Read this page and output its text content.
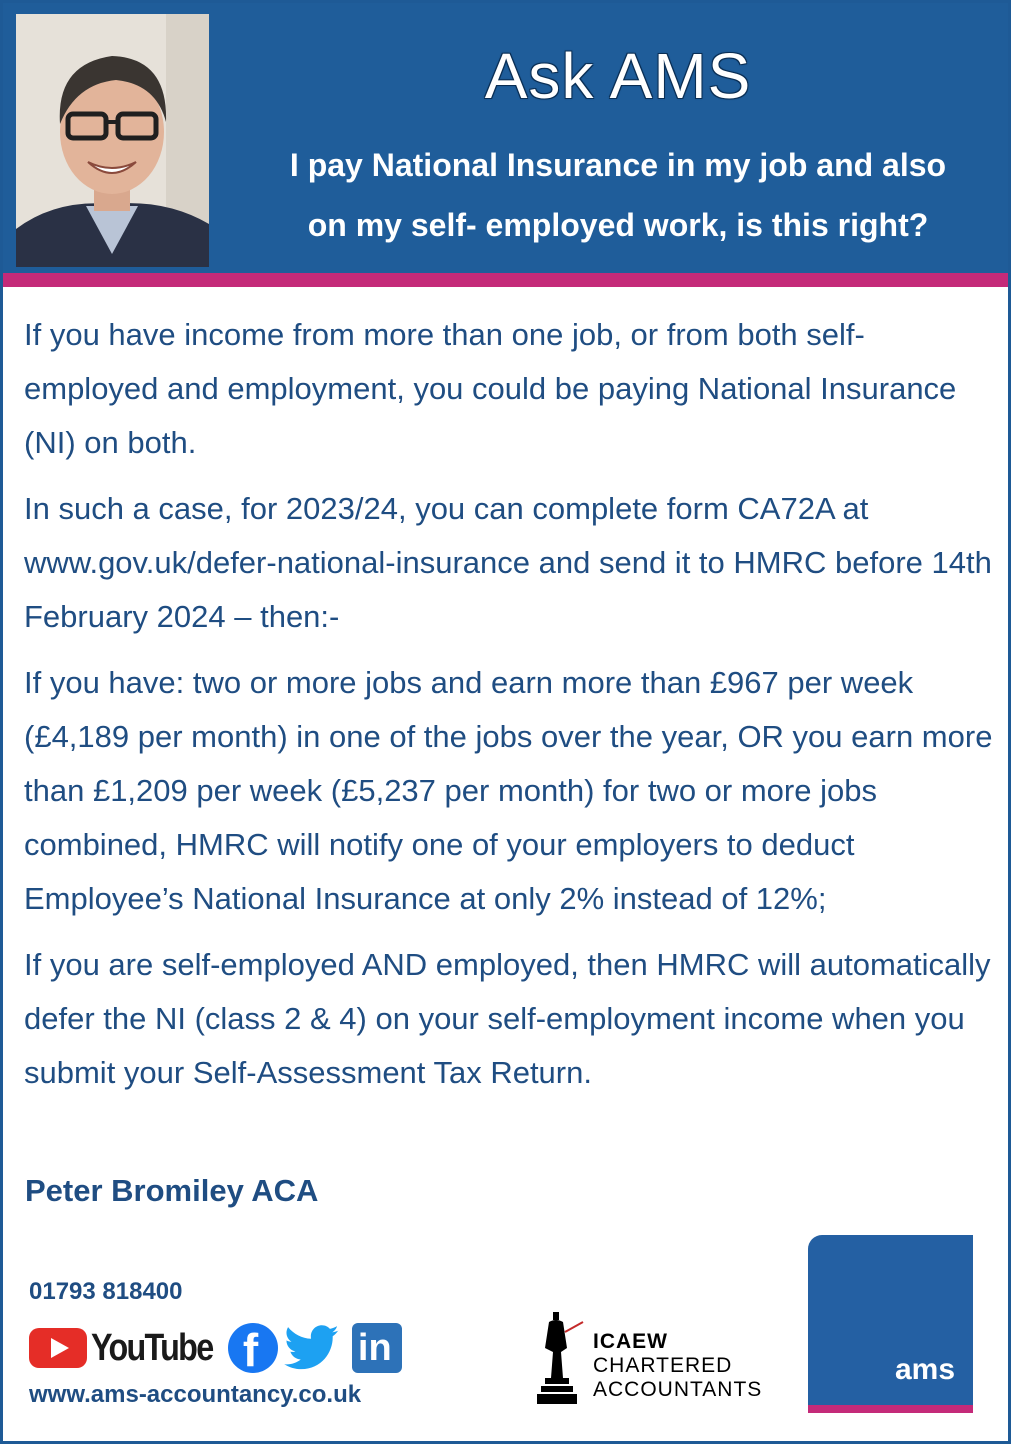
Ask AMS
I pay National Insurance in my job and also
on my self- employed work, is this right?

If you have income from more than one job, or from both self-employed and employment, you could be paying National Insurance (NI) on both.

In such a case, for 2023/24, you can complete form CA72A at www.gov.uk/defer-national-insurance and send it to HMRC before 14th February 2024 – then:-

If you have: two or more jobs and earn more than £967 per week (£4,189 per month) in one of the jobs over the year, OR you earn more than £1,209 per week (£5,237 per month) for two or more jobs combined, HMRC will notify one of your employers to deduct Employee’s National Insurance at only 2% instead of 12%;

If you are self-employed AND employed, then HMRC will automatically defer the NI (class 2 & 4) on your self-employment income when you submit your Self-Assessment Tax Return.

Peter Bromiley ACA
01793 818400
YouTube f	in
www.ams-accountancy.co.uk
ICAEW
CHARTERED
ACCOUNTANTS
ams
